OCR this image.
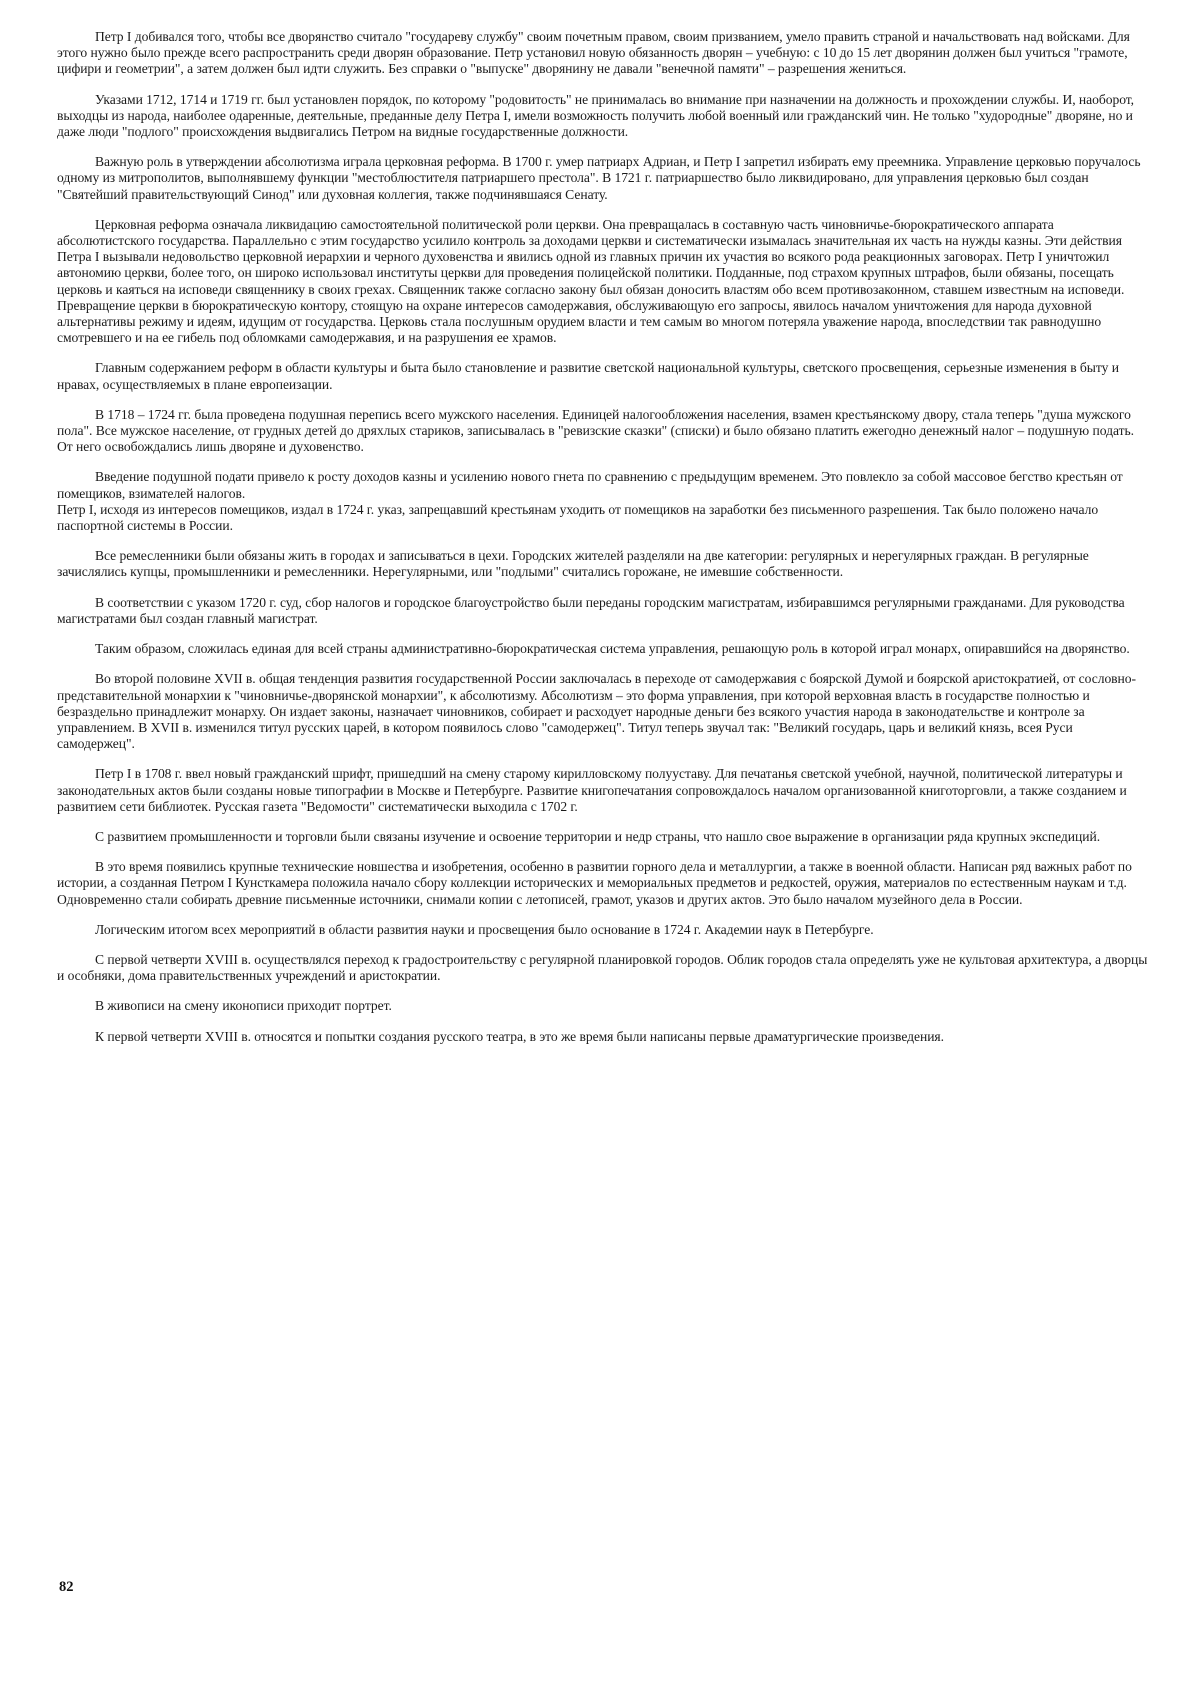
Петр I добивался того, чтобы все дворянство считало "государеву службу" своим почетным правом, своим призванием, умело править страной и начальствовать над войсками. Для этого нужно было прежде всего распространить среди дворян образование. Петр установил новую обязанность дворян – учебную: с 10 до 15 лет дворянин должен был учиться "грамоте, цифири и геометрии", а затем должен был идти служить. Без справки о "выпуске" дворянину не давали "венечной памяти" – разрешения жениться.

Указами 1712, 1714 и 1719 гг. был установлен порядок, по которому "родовитость" не принималась во внимание при назначении на должность и прохождении службы. И, наоборот, выходцы из народа, наиболее одаренные, деятельные, преданные делу Петра I, имели возможность получить любой военный или гражданский чин. Не только "худородные" дворяне, но и даже люди "подлого" происхождения выдвигались Петром на видные государственные должности.

Важную роль в утверждении абсолютизма играла церковная реформа. В 1700 г. умер патриарх Адриан, и Петр I запретил избирать ему преемника. Управление церковью поручалось одному из митрополитов, выполнявшему функции "местоблюстителя патриаршего престола". В 1721 г. патриаршество было ликвидировано, для управления церковью был создан "Святейший правительствующий Синод" или духовная коллегия, также подчинявшаяся Сенату.

Церковная реформа означала ликвидацию самостоятельной политической роли церкви. Она превращалась в составную часть чиновничье-бюрократического аппарата абсолютистского государства. Параллельно с этим государство усилило контроль за доходами церкви и систематически изымалась значительная их часть на нужды казны. Эти действия Петра I вызывали недовольство церковной иерархии и черного духовенства и явились одной из главных причин их участия во всякого рода реакционных заговорах. Петр I уничтожил автономию церкви, более того, он широко использовал институты церкви для проведения полицейской политики. Подданные, под страхом крупных штрафов, были обязаны, посещать церковь и каяться на исповеди священнику в своих грехах. Священник также согласно закону был обязан доносить властям обо всем противозаконном, ставшем известным на исповеди. Превращение церкви в бюрократическую контору, стоящую на охране интересов самодержавия, обслуживающую его запросы, явилось началом уничтожения для народа духовной альтернативы режиму и идеям, идущим от государства. Церковь стала послушным орудием власти и тем самым во многом потеряла уважение народа, впоследствии так равнодушно смотревшего и на ее гибель под обломками самодержавия, и на разрушения ее храмов.

Главным содержанием реформ в области культуры и быта было становление и развитие светской национальной культуры, светского просвещения, серьезные изменения в быту и нравах, осуществляемых в плане европеизации.

В 1718 – 1724 гг. была проведена подушная перепись всего мужского населения. Единицей налогообложения населения, взамен крестьянскому двору, стала теперь "душа мужского пола". Все мужское население, от грудных детей до дряхлых стариков, записывалась в "ревизские сказки" (списки) и было обязано платить ежегодно денежный налог – подушную подать. От него освобождались лишь дворяне и духовенство.

Введение подушной подати привело к росту доходов казны и усилению нового гнета по сравнению с предыдущим временем. Это повлекло за собой массовое бегство крестьян от помещиков, взимателей налогов.

Петр I, исходя из интересов помещиков, издал в 1724 г. указ, запрещавший крестьянам уходить от помещиков на заработки без письменного разрешения. Так было положено начало паспортной системы в России.

Все ремесленники были обязаны жить в городах и записываться в цехи. Городских жителей разделяли на две категории: регулярных и нерегулярных граждан. В регулярные зачислялись купцы, промышленники и ремесленники. Нерегулярными, или "подлыми" считались горожане, не имевшие собственности.

В соответствии с указом 1720 г. суд, сбор налогов и городское благоустройство были переданы городским магистратам, избиравшимся регулярными гражданами. Для руководства магистратами был создан главный магистрат.

Таким образом, сложилась единая для всей страны административно-бюрократическая система управления, решающую роль в которой играл монарх, опиравшийся на дворянство.

Во второй половине XVII в. общая тенденция развития государственной России заключалась в переходе от самодержавия с боярской Думой и боярской аристократией, от сословно-представительной монархии к "чиновничье-дворянской монархии", к абсолютизму. Абсолютизм – это форма управления, при которой верховная власть в государстве полностью и безраздельно принадлежит монарху. Он издает законы, назначает чиновников, собирает и расходует народные деньги без всякого участия народа в законодательстве и контроле за управлением. В XVII в. изменился титул русских царей, в котором появилось слово "самодержец". Титул теперь звучал так: "Великий государь, царь и великий князь, всея Руси самодержец".

Петр I в 1708 г. ввел новый гражданский шрифт, пришедший на смену старому кирилловскому полууставу. Для печатанья светской учебной, научной, политической литературы и законодательных актов были созданы новые типографии в Москве и Петербурге. Развитие книгопечатания сопровождалось началом организованной книготорговли, а также созданием и развитием сети библиотек. Русская газета "Ведомости" систематически выходила с 1702 г.

С развитием промышленности и торговли были связаны изучение и освоение территории и недр страны, что нашло свое выражение в организации ряда крупных экспедиций.

В это время появились крупные технические новшества и изобретения, особенно в развитии горного дела и металлургии, а также в военной области. Написан ряд важных работ по истории, а созданная Петром I Кунсткамера положила начало сбору коллекции исторических и мемориальных предметов и редкостей, оружия, материалов по естественным наукам и т.д. Одновременно стали собирать древние письменные источники, снимали копии с летописей, грамот, указов и других актов. Это было началом музейного дела в России.

Логическим итогом всех мероприятий в области развития науки и просвещения было основание в 1724 г. Академии наук в Петербурге.

С первой четверти XVIII в. осуществлялся переход к градостроительству с регулярной планировкой городов. Облик городов стала определять уже не культовая архитектура, а дворцы и особняки, дома правительственных учреждений и аристократии.

В живописи на смену иконописи приходит портрет.

К первой четверти XVIII в. относятся и попытки создания русского театра, в это же время были написаны первые драматургические произведения.

82
